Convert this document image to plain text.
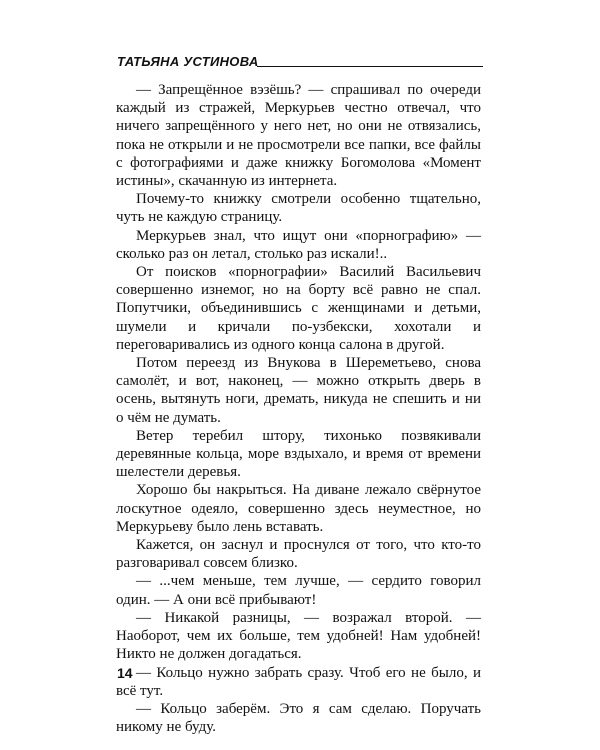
ТАТЬЯНА УСТИНОВА

— Запрещённое вэзёшь? — спрашивал по очереди каждый из стражей, Меркурьев честно отвечал, что ничего запрещённого у него нет, но они не отвязались, пока не открыли и не просмотрели все папки, все файлы с фотографиями и даже книжку Богомолова «Момент истины», скачанную из интернета.

Почему-то книжку смотрели особенно тщательно, чуть не каждую страницу.

Меркурьев знал, что ищут они «порнографию» — сколько раз он летал, столько раз искали!..

От поисков «порнографии» Василий Васильевич совершенно изнемог, но на борту всё равно не спал. Попутчики, объединившись с женщинами и детьми, шумели и кричали по-узбекски, хохотали и переговаривались из одного конца салона в другой.

Потом переезд из Внукова в Шереметьево, снова самолёт, и вот, наконец, — можно открыть дверь в осень, вытянуть ноги, дремать, никуда не спешить и ни о чём не думать.

Ветер теребил штору, тихонько позвякивали деревянные кольца, море вздыхало, и время от времени шелестели деревья.

Хорошо бы накрыться. На диване лежало свёрнутое лоскутное одеяло, совершенно здесь неуместное, но Меркурьеву было лень вставать.

Кажется, он заснул и проснулся от того, что кто-то разговаривал совсем близко.

— ...чем меньше, тем лучше, — сердито говорил один. — А они всё прибывают!

— Никакой разницы, — возражал второй. — Наоборот, чем их больше, тем удобней! Нам удобней! Никто не должен догадаться.

— Кольцо нужно забрать сразу. Чтоб его не было, и всё тут.

— Кольцо заберём. Это я сам сделаю. Поручать никому не буду.

14
